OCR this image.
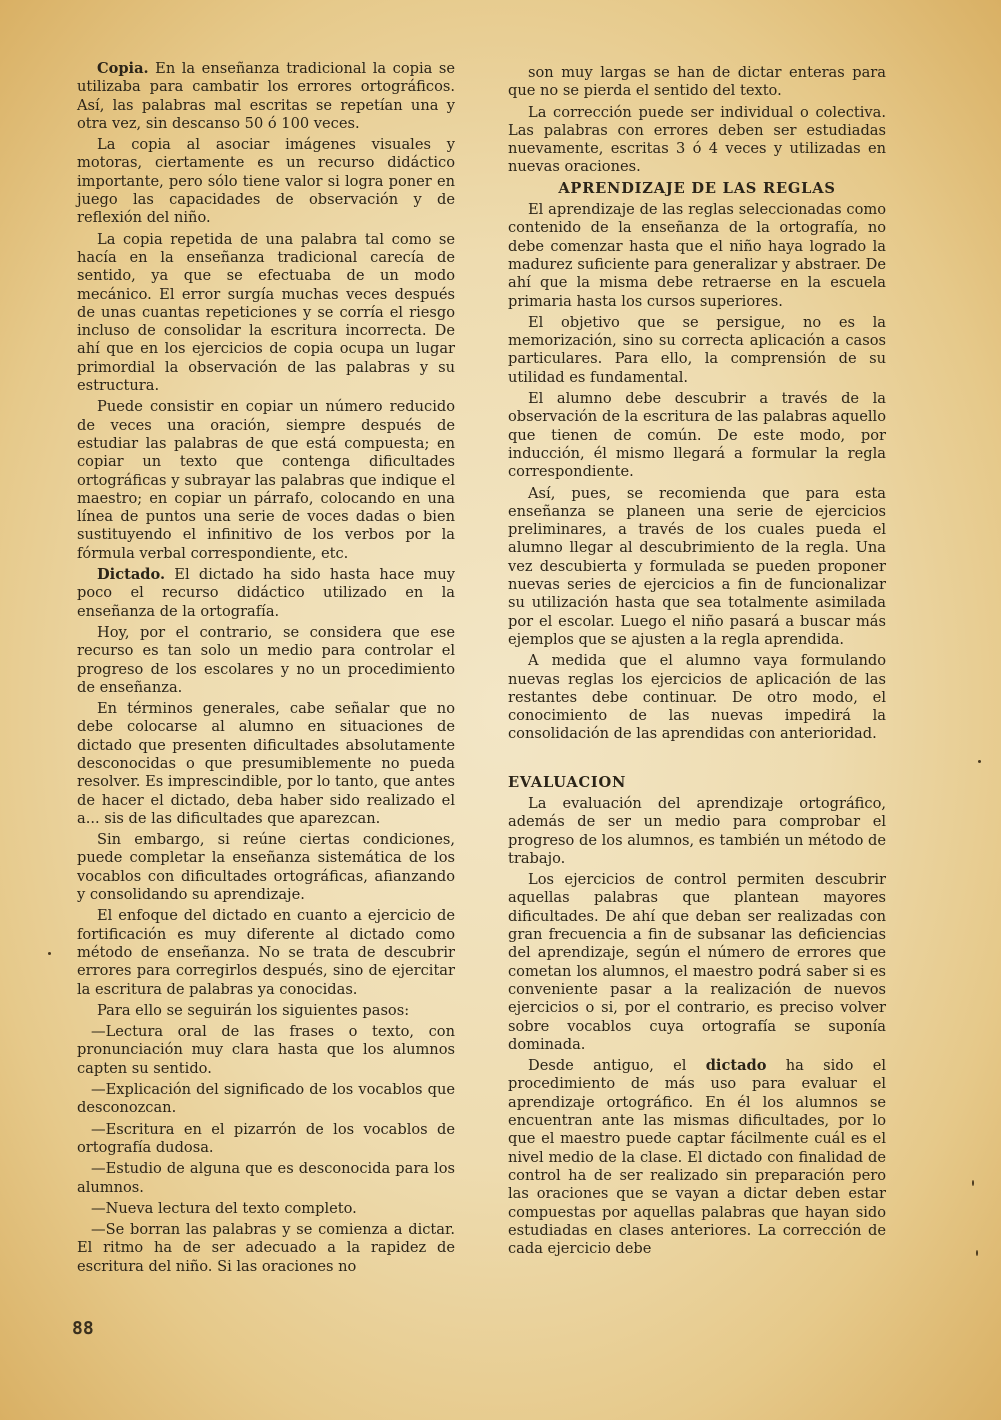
Copia. En la enseñanza tradicional la copia se utilizaba para cambatir los errores ortográficos. Así, las palabras mal escritas se repetían una y otra vez, sin descanso 50 ó 100 veces.

La copia al asociar imágenes visuales y motoras, ciertamente es un recurso didáctico importante, pero sólo tiene valor si logra poner en juego las capacidades de observación y de reflexión del niño.

La copia repetida de una palabra tal como se hacía en la enseñanza tradicional carecía de sentido, ya que se efectuaba de un modo mecánico. El error surgía muchas veces después de unas cuantas repeticiones y se corría el riesgo incluso de consolidar la escritura incorrecta. De ahí que en los ejercicios de copia ocupa un lugar primordial la observación de las palabras y su estructura.

Puede consistir en copiar un número reducido de veces una oración, siempre después de estudiar las palabras de que está compuesta; en copiar un texto que contenga dificultades ortográficas y subrayar las palabras que indique el maestro; en copiar un párrafo, colocando en una línea de puntos una serie de voces dadas o bien sustituyendo el infinitivo de los verbos por la fórmula verbal correspondiente, etc.

Dictado. El dictado ha sido hasta hace muy poco el recurso didáctico utilizado en la enseñanza de la ortografía.

Hoy, por el contrario, se considera que ese recurso es tan solo un medio para controlar el progreso de los escolares y no un procedimiento de enseñanza.

En términos generales, cabe señalar que no debe colocarse al alumno en situaciones de dictado que presenten dificultades absolutamente desconocidas o que presumiblemente no pueda resolver. Es imprescindible, por lo tanto, que antes de hacer el dictado, deba haber sido realizado el a... sis de las dificultades que aparezcan.

Sin embargo, si reúne ciertas condiciones, puede completar la enseñanza sistemática de los vocablos con dificultades ortográficas, afianzando y consolidando su aprendizaje.

El enfoque del dictado en cuanto a ejercicio de fortificación es muy diferente al dictado como método de enseñanza. No se trata de descubrir errores para corregirlos después, sino de ejercitar la escritura de palabras ya conocidas.

Para ello se seguirán los siguientes pasos:

—Lectura oral de las frases o texto, con pronunciación muy clara hasta que los alumnos capten su sentido.

—Explicación del significado de los vocablos que desconozcan.

—Escritura en el pizarrón de los vocablos de ortografía dudosa.

—Estudio de alguna que es desconocida para los alumnos.

—Nueva lectura del texto completo.

—Se borran las palabras y se comienza a dictar. El ritmo ha de ser adecuado a la rapidez de escritura del niño. Si las oraciones no

son muy largas se han de dictar enteras para que no se pierda el sentido del texto.

La corrección puede ser individual o colectiva. Las palabras con errores deben ser estudiadas nuevamente, escritas 3 ó 4 veces y utilizadas en nuevas oraciones.

APRENDIZAJE DE LAS REGLAS

El aprendizaje de las reglas seleccionadas como contenido de la enseñanza de la ortografía, no debe comenzar hasta que el niño haya logrado la madurez suficiente para generalizar y abstraer. De ahí que la misma debe retraerse en la escuela primaria hasta los cursos superiores.

El objetivo que se persigue, no es la memorización, sino su correcta aplicación a casos particulares. Para ello, la comprensión de su utilidad es fundamental.

El alumno debe descubrir a través de la observación de la escritura de las palabras aquello que tienen de común. De este modo, por inducción, él mismo llegará a formular la regla correspondiente.

Así, pues, se recomienda que para esta enseñanza se planeen una serie de ejercicios preliminares, a través de los cuales pueda el alumno llegar al descubrimiento de la regla. Una vez descubierta y formulada se pueden proponer nuevas series de ejercicios a fin de funcionalizar su utilización hasta que sea totalmente asimilada por el escolar. Luego el niño pasará a buscar más ejemplos que se ajusten a la regla aprendida.

A medida que el alumno vaya formulando nuevas reglas los ejercicios de aplicación de las restantes debe continuar. De otro modo, el conocimiento de las nuevas impedirá la consolidación de las aprendidas con anterioridad.

EVALUACION

La evaluación del aprendizaje ortográfico, además de ser un medio para comprobar el progreso de los alumnos, es también un método de trabajo.

Los ejercicios de control permiten descubrir aquellas palabras que plantean mayores dificultades. De ahí que deban ser realizadas con gran frecuencia a fin de subsanar las deficiencias del aprendizaje, según el número de errores que cometan los alumnos, el maestro podrá saber si es conveniente pasar a la realización de nuevos ejercicios o si, por el contrario, es preciso volver sobre vocablos cuya ortografía se suponía dominada.

Desde antiguo, el dictado ha sido el procedimiento de más uso para evaluar el aprendizaje ortográfico. En él los alumnos se encuentran ante las mismas dificultades, por lo que el maestro puede captar fácilmente cuál es el nivel medio de la clase. El dictado con finalidad de control ha de ser realizado sin preparación pero las oraciones que se vayan a dictar deben estar compuestas por aquellas palabras que hayan sido estudiadas en clases anteriores. La corrección de cada ejercicio debe

88
